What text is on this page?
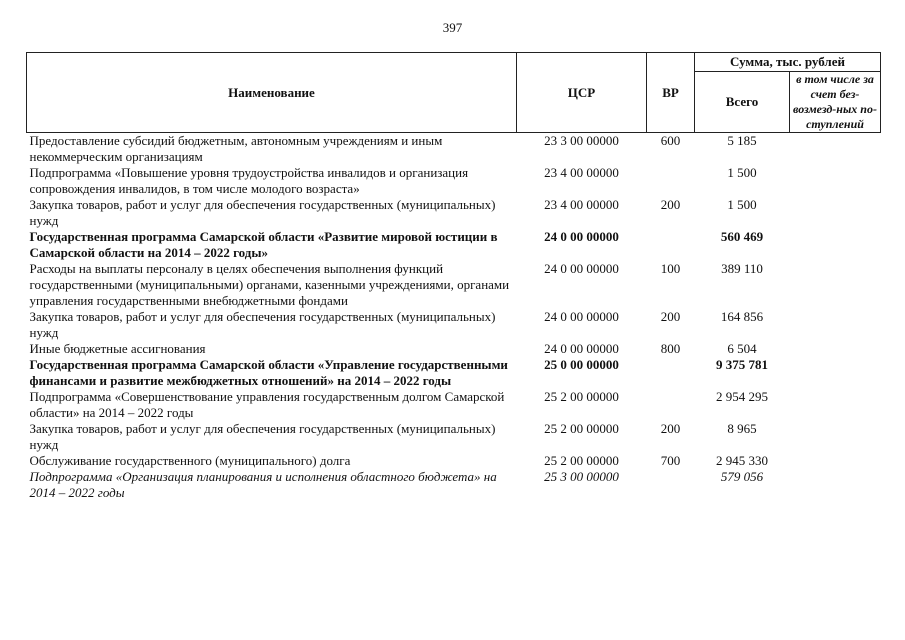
397
Наименование	ЦСР	ВР	Сумма, тыс. рублей	
			Всего	в том числе за счет без-возмезд-ных по-ступлений
Предоставление субсидий бюджетным, автономным учреждениям и иным некоммерческим организациям	23 3 00 00000	600	5 185	
Подпрограмма «Повышение уровня трудоустройства инвалидов и организация сопровождения инвалидов, в том числе молодого возраста»	23 4 00 00000		1 500	
Закупка товаров, работ и услуг для обеспечения государственных (муниципальных) нужд	23 4 00 00000	200	1 500	
Государственная программа Самарской области «Развитие мировой юстиции в Самарской области на 2014 – 2022 годы»	24 0 00 00000		560 469	
Расходы на выплаты персоналу в целях обеспечения выполнения функций государственными (муниципальными) органами, казенными учреждениями, органами управления государственными внебюджетными фондами	24 0 00 00000	100	389 110	
Закупка товаров, работ и услуг для обеспечения государственных (муниципальных) нужд	24 0 00 00000	200	164 856	
Иные бюджетные ассигнования	24 0 00 00000	800	6 504	
Государственная программа Самарской области «Управление государственными финансами и развитие межбюджетных отношений» на 2014 – 2022 годы	25 0 00 00000		9 375 781	
Подпрограмма «Совершенствование управления государственным долгом Самарской области» на 2014 – 2022 годы	25 2 00 00000		2 954 295	
Закупка товаров, работ и услуг для обеспечения государственных (муниципальных) нужд	25 2 00 00000	200	8 965	
Обслуживание государственного (муниципального) долга	25 2 00 00000	700	2 945 330	
Подпрограмма «Организация планирования и исполнения областного бюджета» на 2014 – 2022 годы	25 3 00 00000		579 056	
